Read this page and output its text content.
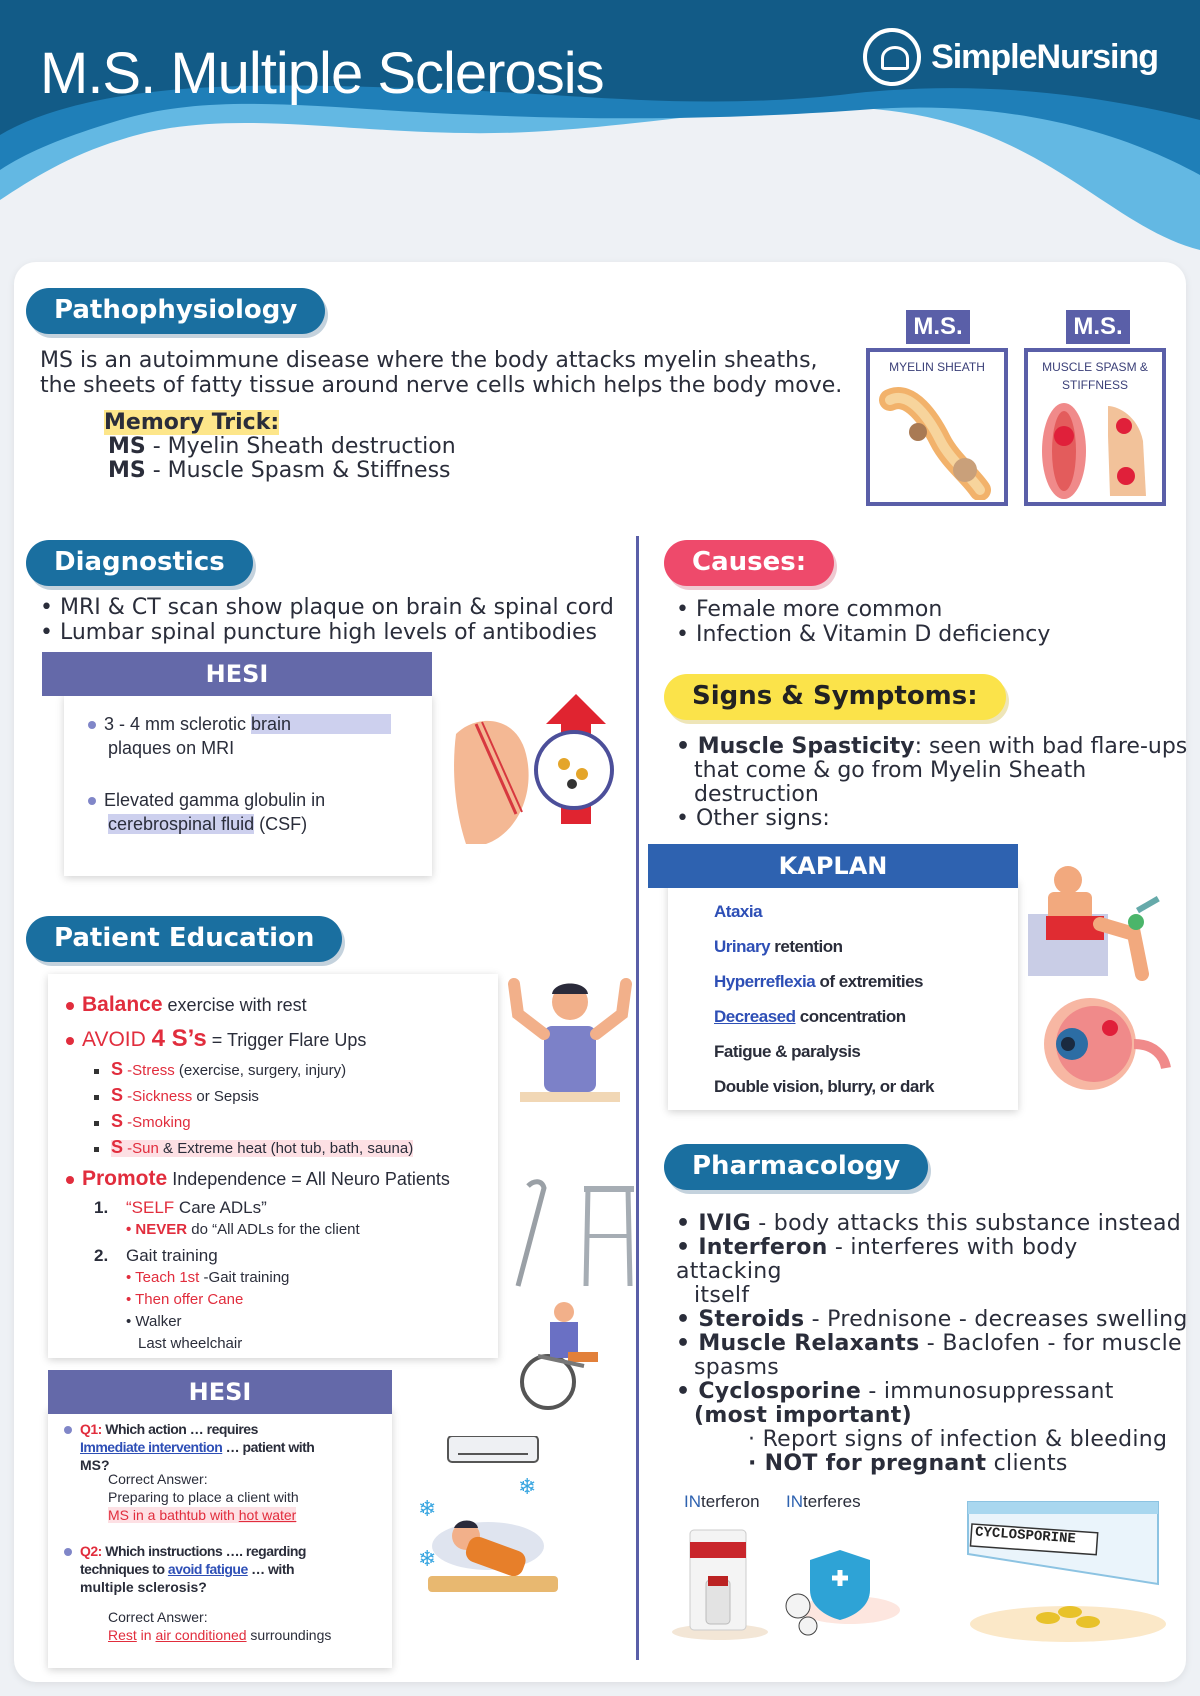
M.S. Multiple Sclerosis	SimpleNursing
Pathophysiology
MS is an autoimmune disease where the body attacks myelin sheaths,
the sheets of fatty tissue around nerve cells which helps the body move.
Memory Trick:
MS - Myelin Sheath destruction
MS - Muscle Spasm & Stiffness
M.S.
MYELIN SHEATH
M.S.
MUSCLE SPASM & STIFFNESS
Diagnostics
• MRI & CT scan show plaque on brain & spinal cord
• Lumbar spinal puncture high levels of antibodies
HESI
3 - 4 mm sclerotic brain
plaques on MRI
Elevated gamma globulin in
cerebrospinal fluid (CSF)
Causes:
• Female more common
• Infection & Vitamin D deficiency
Signs & Symptoms:
• Muscle Spasticity: seen with bad flare-ups
that come & go from Myelin Sheath
destruction
• Other signs:
KAPLAN
Ataxia
Urinary retention
Hyperreflexia of extremities
Decreased concentration
Fatigue & paralysis
Double vision, blurry, or dark
Patient Education
Balance exercise with rest
AVOID 4 S’s = Trigger Flare Ups
S -Stress (exercise, surgery, injury)
S -Sickness or Sepsis
S -Smoking
S -Sun & Extreme heat (hot tub, bath, sauna)
Promote Independence = All Neuro Patients
1. “SELF Care ADLs”
• NEVER do “All ADLs for the client
2. Gait training
• Teach 1st -Gait training
• Then offer Cane
• Walker
Last wheelchair
HESI
Q1: Which action … requires
Immediate intervention … patient with
MS?
Correct Answer:
Preparing to place a client with
MS in a bathtub with hot water
Q2: Which instructions …. regarding
techniques to avoid fatigue … with
multiple sclerosis?
Correct Answer:
Rest in air conditioned surroundings
❄
❄
❄
Pharmacology
• IVIG - body attacks this substance instead
• Interferon - interferes with body attacking
itself
• Steroids - Prednisone - decreases swelling
• Muscle Relaxants - Baclofen - for muscle
spasms
• Cyclosporine - immunosuppressant
(most important)
· Report signs of infection & bleeding
· NOT for pregnant clients
INterferon INterferes
CYCLOSPORINE
